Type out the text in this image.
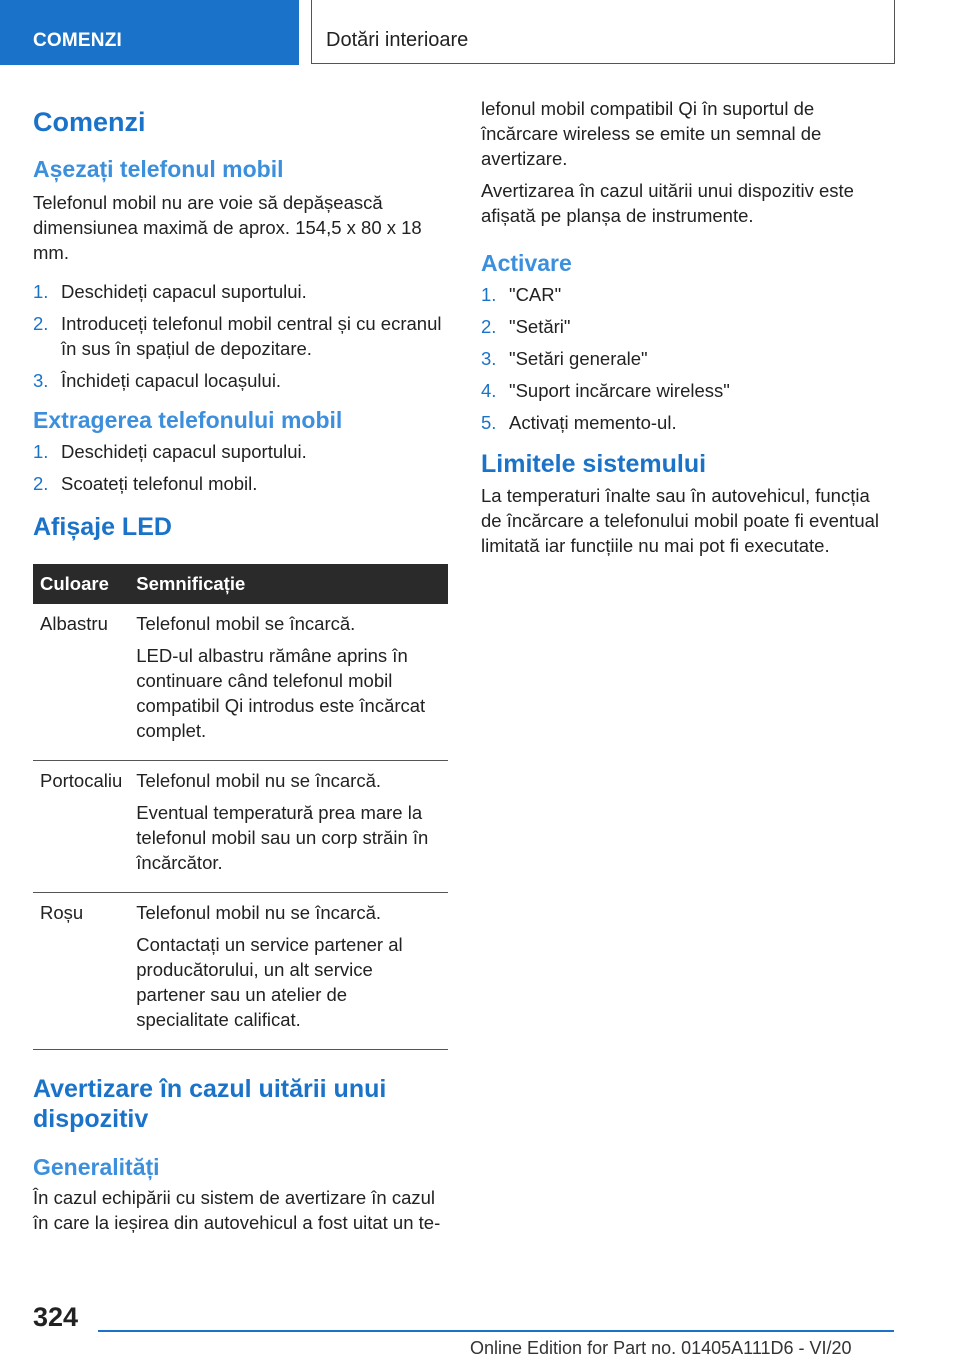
COMENZI	Dotări interioare
Comenzi
Așezați telefonul mobil

Telefonul mobil nu are voie să depășească dimensiunea maximă de aprox. 154,5 x 80 x 18 mm.

1. Deschideți capacul suportului.
2. Introduceți telefonul mobil central și cu ecranul în sus în spațiul de depozitare.
3. Închideți capacul locașului.
Extragerea telefonului mobil
1. Deschideți capacul suportului.
2. Scoateți telefonul mobil.
Afișaje LED
Culoare	Semnificație
Albastru	Telefonul mobil se încarcă.

LED-ul albastru rămâne aprins în continuare când telefonul mobil compatibil Qi introdus este încărcat complet.

Portocaliu	Telefonul mobil nu se încarcă.

Eventual temperatură prea mare la telefonul mobil sau un corp străin în încărcător.

Roșu	Telefonul mobil nu se încarcă.

Contactați un service partener al producătorului, un alt service partener sau un atelier de specialitate calificat.

Avertizare în cazul uitării unui dispozitiv
Generalități

În cazul echipării cu sistem de avertizare în cazul în care la ieșirea din autovehicul a fost uitat un te-

lefonul mobil compatibil Qi în suportul de încărcare wireless se emite un semnal de avertizare.

Avertizarea în cazul uitării unui dispozitiv este afișată pe planșa de instrumente.

Activare
1. "CAR"
2. "Setări"
3. "Setări generale"
4. "Suport incărcare wireless"
5. Activați memento-ul.
Limitele sistemului

La temperaturi înalte sau în autovehicul, funcția de încărcare a telefonului mobil poate fi eventual limitată iar funcțiile nu mai pot fi executate.

324
Online Edition for Part no. 01405A111D6 - VI/20
